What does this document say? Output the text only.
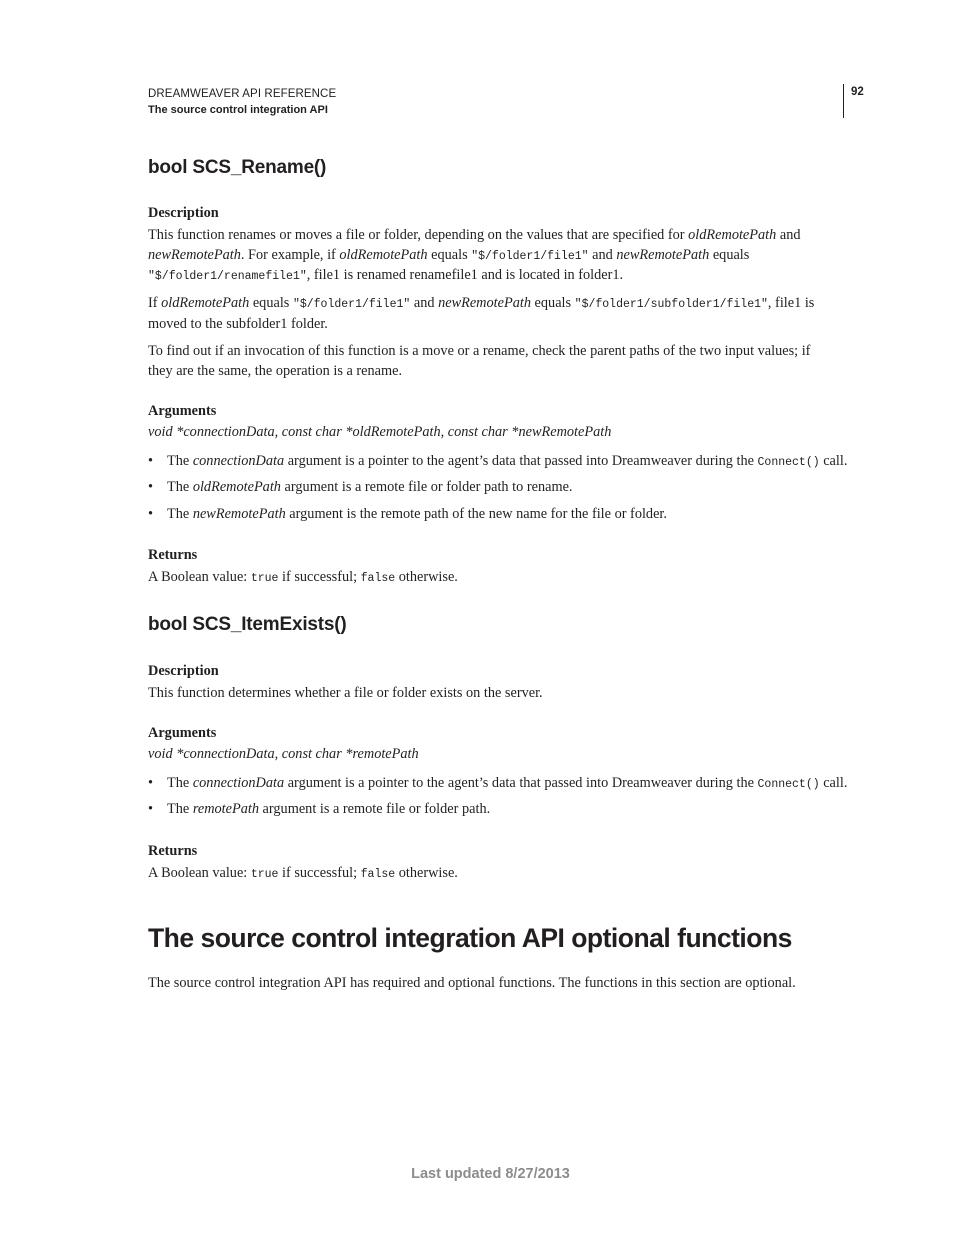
DREAMWEAVER API REFERENCE
The source control integration API
92
bool SCS_Rename()
Description
This function renames or moves a file or folder, depending on the values that are specified for oldRemotePath and
newRemotePath. For example, if oldRemotePath equals "$/folder1/file1" and newRemotePath equals
"$/folder1/renamefile1", file1 is renamed renamefile1 and is located in folder1.
If oldRemotePath equals "$/folder1/file1" and newRemotePath equals "$/folder1/subfolder1/file1", file1 is
moved to the subfolder1 folder.
To find out if an invocation of this function is a move or a rename, check the parent paths of the two input values; if
they are the same, the operation is a rename.
Arguments
void *connectionData, const char *oldRemotePath, const char *newRemotePath
• The connectionData argument is a pointer to the agent’s data that passed into Dreamweaver during the Connect() call.
• The oldRemotePath argument is a remote file or folder path to rename.
• The newRemotePath argument is the remote path of the new name for the file or folder.
Returns
A Boolean value: true if successful; false otherwise.
bool SCS_ItemExists()
Description
This function determines whether a file or folder exists on the server.
Arguments
void *connectionData, const char *remotePath
• The connectionData argument is a pointer to the agent’s data that passed into Dreamweaver during the Connect() call.
• The remotePath argument is a remote file or folder path.
Returns
A Boolean value: true if successful; false otherwise.
The source control integration API optional functions
The source control integration API has required and optional functions. The functions in this section are optional.
Last updated 8/27/2013
